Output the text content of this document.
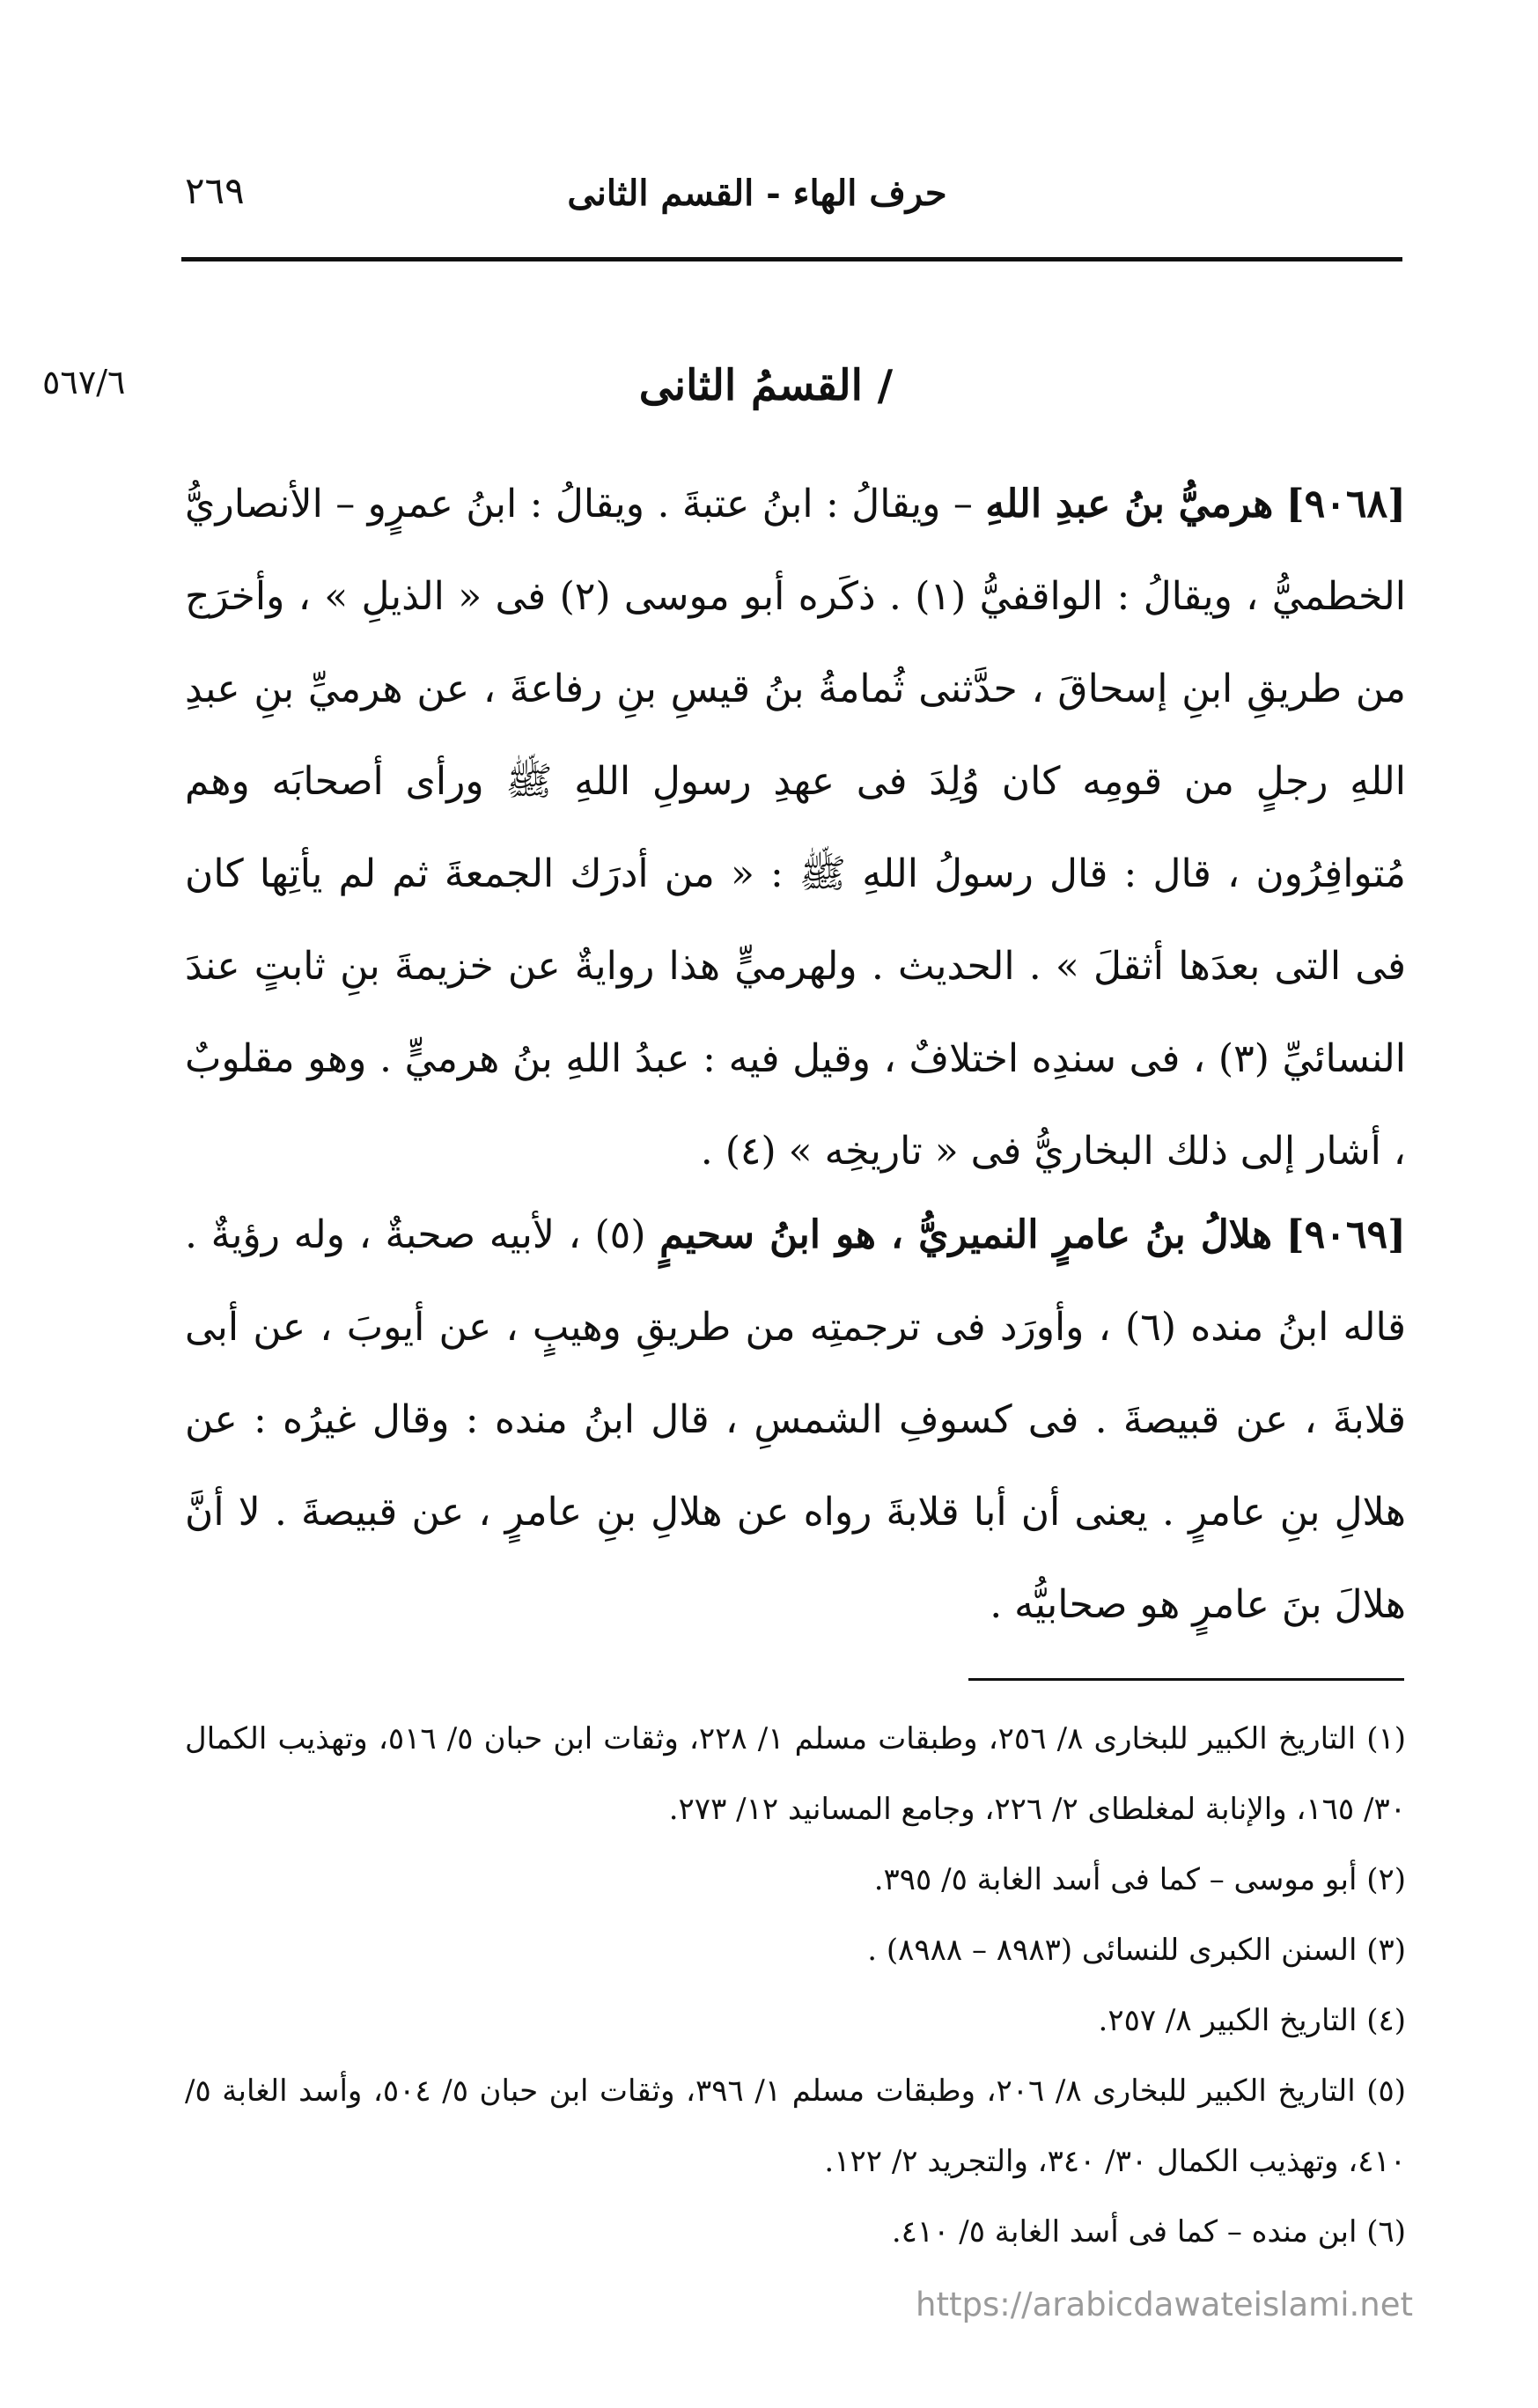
حرف الهاء - القسم الثانى
٢٦٩
٥٦٧/٦	/ القسمُ الثانى

[٩٠٦٨] هرميُّ بنُ عبدِ اللهِ – ويقالُ : ابنُ عتبةَ . ويقالُ : ابنُ عمرٍو – الأنصاريُّ الخطميُّ ، ويقالُ : الواقفيُّ (١) . ذكَره أبو موسى (٢) فى « الذيلِ » ، وأخرَج من طريقِ ابنِ إسحاقَ ، حدَّثنى ثُمامةُ بنُ قيسِ بنِ رفاعةَ ، عن هرميِّ بنِ عبدِ اللهِ رجلٍ من قومِه كان وُلِدَ فى عهدِ رسولِ اللهِ ﷺ ورأى أصحابَه وهم مُتوافِرُون ، قال : قال رسولُ اللهِ ﷺ : « من أدرَك الجمعةَ ثم لم يأتِها كان فى التى بعدَها أثقلَ » . الحديث . ولهرميٍّ هذا روايةٌ عن خزيمةَ بنِ ثابتٍ عندَ النسائيِّ (٣) ، فى سندِه اختلافٌ ، وقيل فيه : عبدُ اللهِ بنُ هرميٍّ . وهو مقلوبٌ ، أشار إلى ذلك البخاريُّ فى « تاريخِه » (٤) .

[٩٠٦٩] هلالُ بنُ عامرٍ النميريُّ ، هو ابنُ سحيمٍ (٥) ، لأبيه صحبةٌ ، وله رؤيةٌ . قاله ابنُ منده (٦) ، وأورَد فى ترجمتِه من طريقِ وهيبٍ ، عن أيوبَ ، عن أبى قلابةَ ، عن قبيصةَ . فى كسوفِ الشمسِ ، قال ابنُ منده : وقال غيرُه : عن هلالِ بنِ عامرٍ . يعنى أن أبا قلابةَ رواه عن هلالِ بنِ عامرٍ ، عن قبيصةَ . لا أنَّ هلالَ بنَ عامرٍ هو صحابيُّه .

(١) التاريخ الكبير للبخارى ٨/ ٢٥٦، وطبقات مسلم ١/ ٢٢٨، وثقات ابن حبان ٥/ ٥١٦، وتهذيب الكمال ٣٠/ ١٦٥، والإنابة لمغلطاى ٢/ ٢٢٦، وجامع المسانيد ١٢/ ٢٧٣.

(٢) أبو موسى – كما فى أسد الغابة ٥/ ٣٩٥.

(٣) السنن الكبرى للنسائى (٨٩٨٣ – ٨٩٨٨) .

(٤) التاريخ الكبير ٨/ ٢٥٧.

(٥) التاريخ الكبير للبخارى ٨/ ٢٠٦، وطبقات مسلم ١/ ٣٩٦، وثقات ابن حبان ٥/ ٥٠٤، وأسد الغابة ٥/ ٤١٠، وتهذيب الكمال ٣٠/ ٣٤٠، والتجريد ٢/ ١٢٢.

(٦) ابن منده – كما فى أسد الغابة ٥/ ٤١٠.

https://arabicdawateislami.net
